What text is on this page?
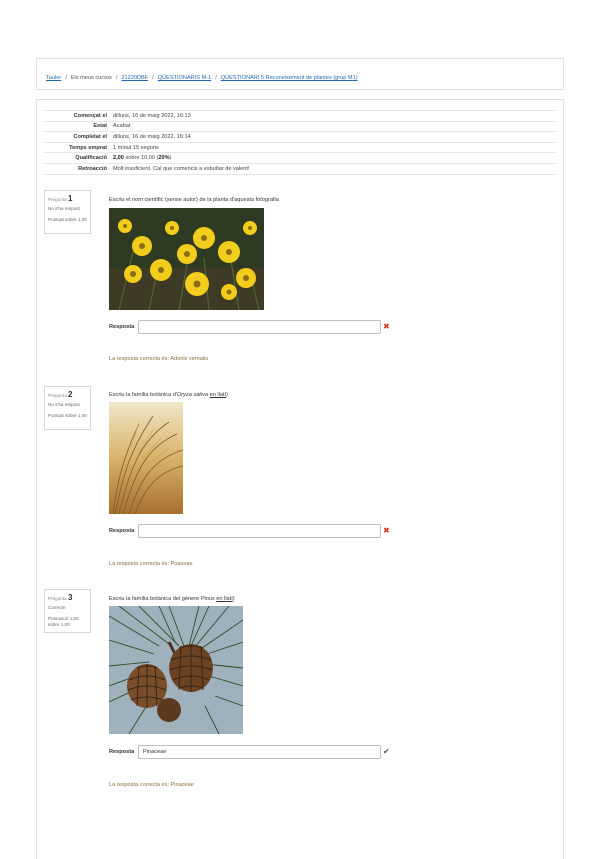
Tauler / Els meus cursos / 21220DBF / QÜESTIONARIS M-1 / QÜESTIONARI 5 Reconeixement de plantes (grup M1)
Començat el	dilluns, 16 de maig 2022, 16:13
Estat	Acabat
Completat el	dilluns, 16 de maig 2022, 16:14
Temps emprat	1 minut 15 segons
Qualificació	2,00 sobre 10,00 (20%)
Retroacció	Molt insuficient. Cal que comencis a estudiar de valent!
Pregunta 1
No s'ha respost
Puntuat sobre 1,00
Escriu el nom científic (sense autor) de la planta d'aquesta fotografia
Resposta	✖
La resposta correcta és: Adonis vernalis
Pregunta 2
No s'ha respost
Puntuat sobre 1,00
Escriu la família botànica d'Oryza sativa en llatí)
Resposta	✖
La resposta correcta és: Poaceae
Pregunta 3
Correcte
Puntuació 1,00 sobre 1,00
Escriu la família botànica del gènere Pinus en llatí)
Resposta
Pinaceae	✔
La resposta correcta és: Pinaceae
